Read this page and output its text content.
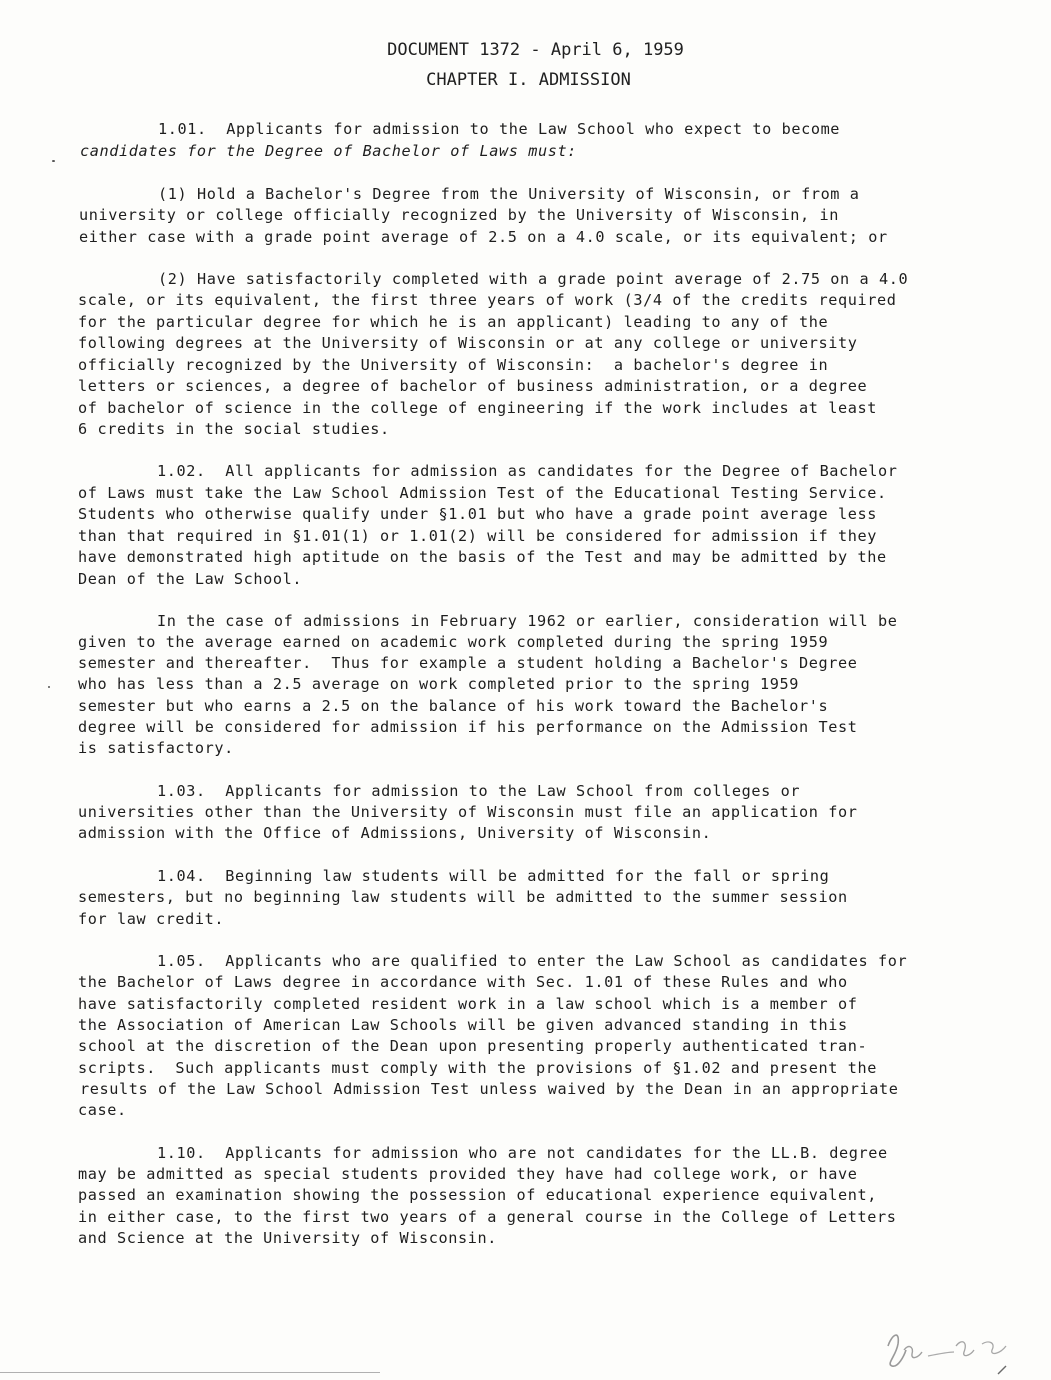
DOCUMENT 1372 - April 6, 1959
CHAPTER I. ADMISSION
1.01.  Applicants for admission to the Law School who expect to become
candidates for the Degree of Bachelor of Laws must:
(1) Hold a Bachelor's Degree from the University of Wisconsin, or from a
university or college officially recognized by the University of Wisconsin, in
either case with a grade point average of 2.5 on a 4.0 scale, or its equivalent; or
(2) Have satisfactorily completed with a grade point average of 2.75 on a 4.0
scale, or its equivalent, the first three years of work (3/4 of the credits required
for the particular degree for which he is an applicant) leading to any of the
following degrees at the University of Wisconsin or at any college or university
officially recognized by the University of Wisconsin:  a bachelor's degree in
letters or sciences, a degree of bachelor of business administration, or a degree
of bachelor of science in the college of engineering if the work includes at least
6 credits in the social studies.
1.02.  All applicants for admission as candidates for the Degree of Bachelor
of Laws must take the Law School Admission Test of the Educational Testing Service.
Students who otherwise qualify under §1.01 but who have a grade point average less
than that required in §1.01(1) or 1.01(2) will be considered for admission if they
have demonstrated high aptitude on the basis of the Test and may be admitted by the
Dean of the Law School.
In the case of admissions in February 1962 or earlier, consideration will be
given to the average earned on academic work completed during the spring 1959
semester and thereafter.  Thus for example a student holding a Bachelor's Degree
who has less than a 2.5 average on work completed prior to the spring 1959
semester but who earns a 2.5 on the balance of his work toward the Bachelor's
degree will be considered for admission if his performance on the Admission Test
is satisfactory.
1.03.  Applicants for admission to the Law School from colleges or
universities other than the University of Wisconsin must file an application for
admission with the Office of Admissions, University of Wisconsin.
1.04.  Beginning law students will be admitted for the fall or spring
semesters, but no beginning law students will be admitted to the summer session
for law credit.
1.05.  Applicants who are qualified to enter the Law School as candidates for
the Bachelor of Laws degree in accordance with Sec. 1.01 of these Rules and who
have satisfactorily completed resident work in a law school which is a member of
the Association of American Law Schools will be given advanced standing in this
school at the discretion of the Dean upon presenting properly authenticated tran-
scripts.  Such applicants must comply with the provisions of §1.02 and present the
results of the Law School Admission Test unless waived by the Dean in an appropriate
case.
1.10.  Applicants for admission who are not candidates for the LL.B. degree
may be admitted as special students provided they have had college work, or have
passed an examination showing the possession of educational experience equivalent,
in either case, to the first two years of a general course in the College of Letters
and Science at the University of Wisconsin.
